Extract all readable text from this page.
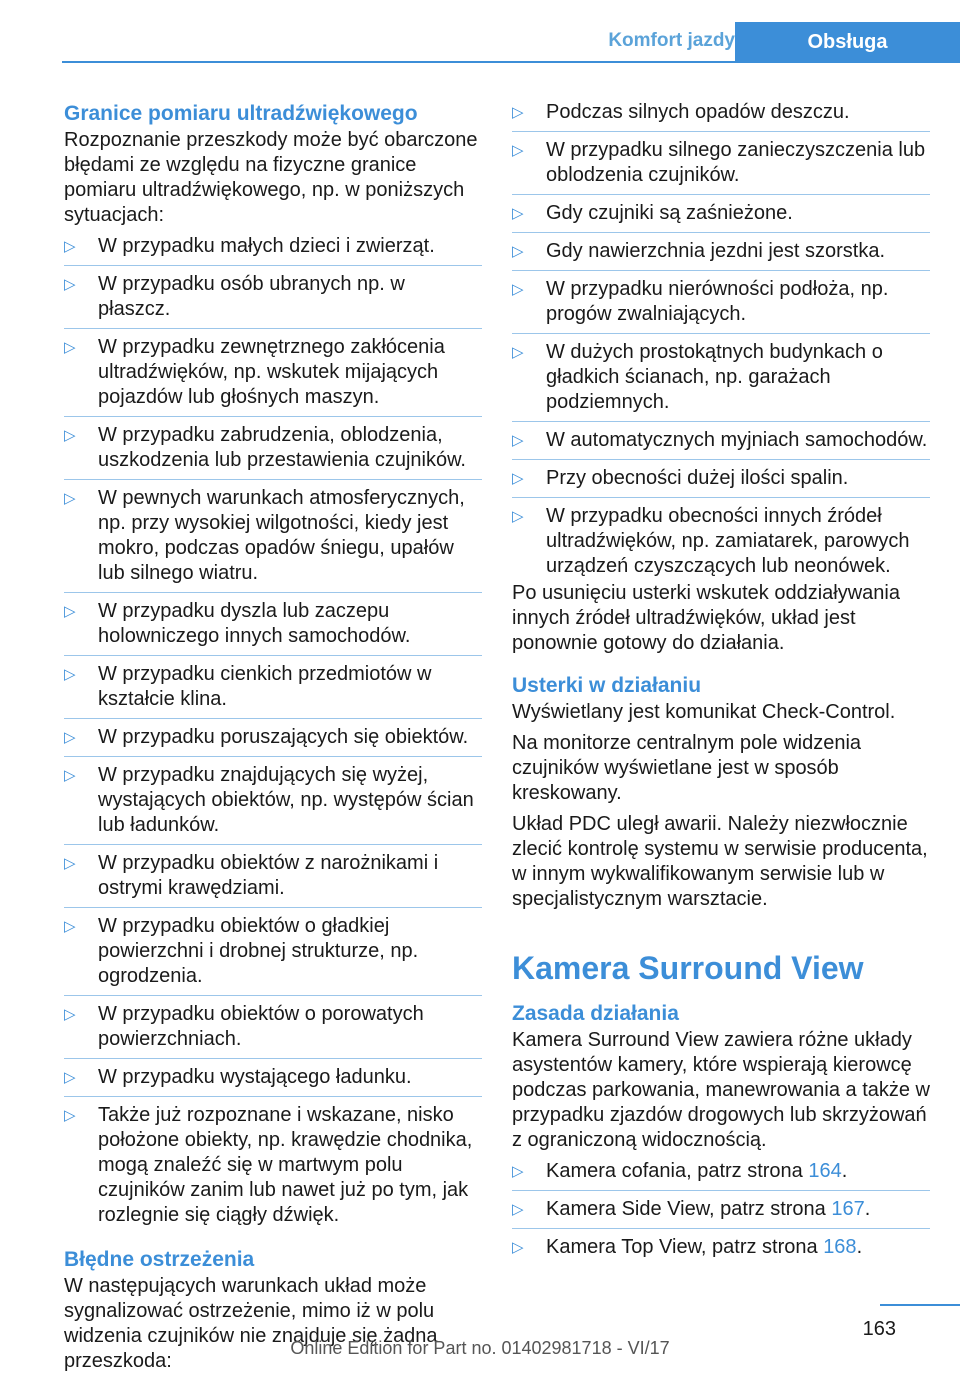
Komfort jazdy	Obsługa
Granice pomiaru ultradźwiękowego

Rozpoznanie przeszkody może być obarczone błędami ze względu na fizyczne granice pomiaru ultradźwiękowego, np. w poniższych sytuacjach:

▷ W przypadku małych dzieci i zwierząt.
▷ W przypadku osób ubranych np. w płaszcz.
▷ W przypadku zewnętrznego zakłócenia ultradźwięków, np. wskutek mijających pojazdów lub głośnych maszyn.
▷ W przypadku zabrudzenia, oblodzenia, uszkodzenia lub przestawienia czujników.
▷ W pewnych warunkach atmosferycznych, np. przy wysokiej wilgotności, kiedy jest mokro, podczas opadów śniegu, upałów lub silnego wiatru.
▷ W przypadku dyszla lub zaczepu holowniczego innych samochodów.
▷ W przypadku cienkich przedmiotów w kształcie klina.
▷ W przypadku poruszających się obiektów.
▷ W przypadku znajdujących się wyżej, wystających obiektów, np. występów ścian lub ładunków.
▷ W przypadku obiektów z narożnikami i ostrymi krawędziami.
▷ W przypadku obiektów o gładkiej powierzchni i drobnej strukturze, np. ogrodzenia.
▷ W przypadku obiektów o porowatych powierzchniach.
▷ W przypadku wystającego ładunku.
▷ Także już rozpoznane i wskazane, nisko położone obiekty, np. krawędzie chodnika, mogą znaleźć się w martwym polu czujników zanim lub nawet już po tym, jak rozlegnie się ciągły dźwięk.
Błędne ostrzeżenia

W następujących warunkach układ może sygnalizować ostrzeżenie, mimo iż w polu widzenia czujników nie znajduje się żadna przeszkoda:

▷ Podczas silnych opadów deszczu.
▷ W przypadku silnego zanieczyszczenia lub oblodzenia czujników.
▷ Gdy czujniki są zaśnieżone.
▷ Gdy nawierzchnia jezdni jest szorstka.
▷ W przypadku nierówności podłoża, np. progów zwalniających.
▷ W dużych prostokątnych budynkach o gładkich ścianach, np. garażach podziemnych.
▷ W automatycznych myjniach samochodów.
▷ Przy obecności dużej ilości spalin.
▷ W przypadku obecności innych źródeł ultradźwięków, np. zamiatarek, parowych urządzeń czyszczących lub neonówek.

Po usunięciu usterki wskutek oddziaływania innych źródeł ultradźwięków, układ jest ponownie gotowy do działania.

Usterki w działaniu

Wyświetlany jest komunikat Check-Control.

Na monitorze centralnym pole widzenia czujników wyświetlane jest w sposób kreskowany.

Układ PDC uległ awarii. Należy niezwłocznie zlecić kontrolę systemu w serwisie producenta, w innym wykwalifikowanym serwisie lub w specjalistycznym warsztacie.

Kamera Surround View
Zasada działania

Kamera Surround View zawiera różne układy asystentów kamery, które wspierają kierowcę podczas parkowania, manewrowania a także w przypadku zjazdów drogowych lub skrzyżowań z ograniczoną widocznością.

▷ Kamera cofania, patrz strona 164.
▷ Kamera Side View, patrz strona 167.
▷ Kamera Top View, patrz strona 168.
163
Online Edition for Part no. 01402981718 - VI/17
